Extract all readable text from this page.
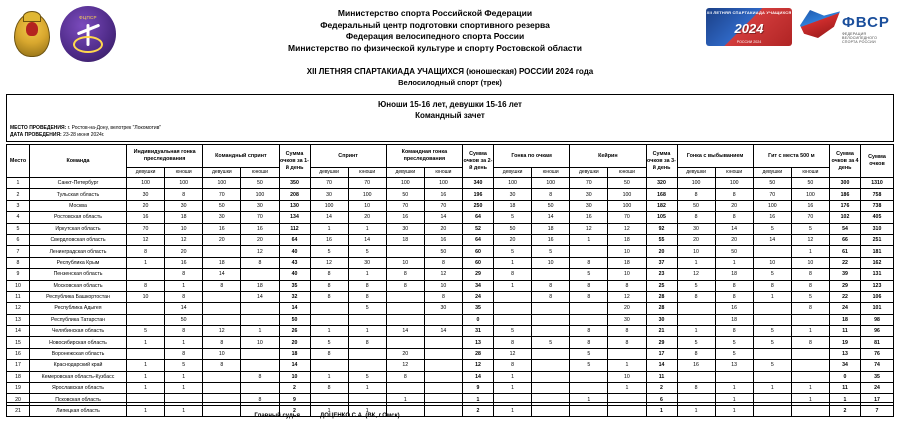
ФЦПСР	Министерство спорта Российской Федерации
Федеральный центр подготовки спортивного резерва
Федерация велосипедного спорта России
Министерство по физической культуре и спорту Ростовской области
XII ЛЕТНЯЯ СПАРТАКИАДА УЧАЩИХСЯ
2024
РОССИИ 2024
ФВСР
ФЕДЕРАЦИЯ ВЕЛОСИПЕДНОГО СПОРТА РОССИИ
XII ЛЕТНЯЯ СПАРТАКИАДА УЧАЩИХСЯ (юношеская) РОССИИ 2024 года
Велосилодный спорт (трек)
Юноши 15-16 лет, девушки 15-16 лет
Командный зачет
МЕСТО ПРОВЕДЕНИЯ: г. Ростов-на-Дону, велотрек "Локомотив"
ДАТА ПРОВЕДЕНИЯ: 23-28 июня 2024г.
Место	Команда	Индивидуальная гонка преследования		Командный спринт		Сумма очков за 1-й день	Спринт		Командная гонка преследования		Сумма очков за 2-й день	Гонка по очкам		Кейрин		Сумма очков за 3-й день	Гонка с выбыванием		Гит с места 500 м		Сумма очков за 4 день	Сумма очков
		девушки	юноши	девушки	юноши		девушки	юноши	девушки	юноши		девушки	юноши	девушки	юноши		девушки	юноши	девушки	юноши		
1	Санкт-Петербург	100	100	100	50	350	70	70	100	100	340	100	100	70	50	320	100	100	50	50	300	1310
2	Тульская область	30	8	70	100	208	30	100	50	16	196	30	8	30	100	168	8	8	70	100	186	758
3	Москва	20	30	50	30	130	100	10	70	70	250	18	50	30	100	182	50	20	100	16	176	738
4	Ростовская область	16	18	30	70	134	14	20	16	14	64	5	14	16	70	105	8	8	16	70	102	405
5	Иркутская область	70	10	16	16	112	1	1	30	20	52	50	18	12	12	92	30	14	5	5	54	310
6	Свердловская область	12	12	20	20	64	16	14	18	16	64	20	16	1	18	55	20	20	14	12	66	251
7	Ленинградская область	8	20		12	40	5	5		50	60	5	5		10	20	10	50		1	61	181
8	Республика Крым	1	16	18	8	43	12	30	10	8	60	1	10	8	18	37	1	1	10	10	22	162
9	Пензенская область		8	14		40	8	1	8	12	29	8		5	10	23	12	18	5	8	39	131
10	Московская область	8	1	8	18	35	8	8	8	10	34	1	8	8	8	25	5	8	8	8	29	123
11	Республика Башкортостан	10	8		14	32	8	8		8	24		8	8	12	28	8	8	1	5	22	106
12	Республика Адыгея		14			14		5		30	35				20	28		16		8	24	101
13	Республика Татарстан		50			50					0				30	30		18			18	98
14	Челябинская область	5	8	12	1	26	1	1	14	14	31	5		8	8	21	1	8	5	1	11	96
15	Новосибирская область	1	1	8	10	20	5	8			13	8	5	8	8	29	5	5	5	8	19	81
16	Воронежская область		8	10		18	8		20		28	12		5		17	8	5			13	76
17	Краснодарский край	1	5	8		14			12		12	8		5	1	14	16	13	5		34	74
18	Кемеровская область-Кузбасс	1	1		8	10	1	5	8		14	1			10	11					0	35
19	Ярославская область	1	1			2	8	1			9	1			1	2	8	1	1	1	11	24
20	Псковская область				8	9			1		1			1		6		1		1	1	17
21	Липецкая область	1	1			2	1	1			2	1				1	1	1			2	7
Главный судья	ДОЦЕНКО С.А. (ВК, г.Омск)
